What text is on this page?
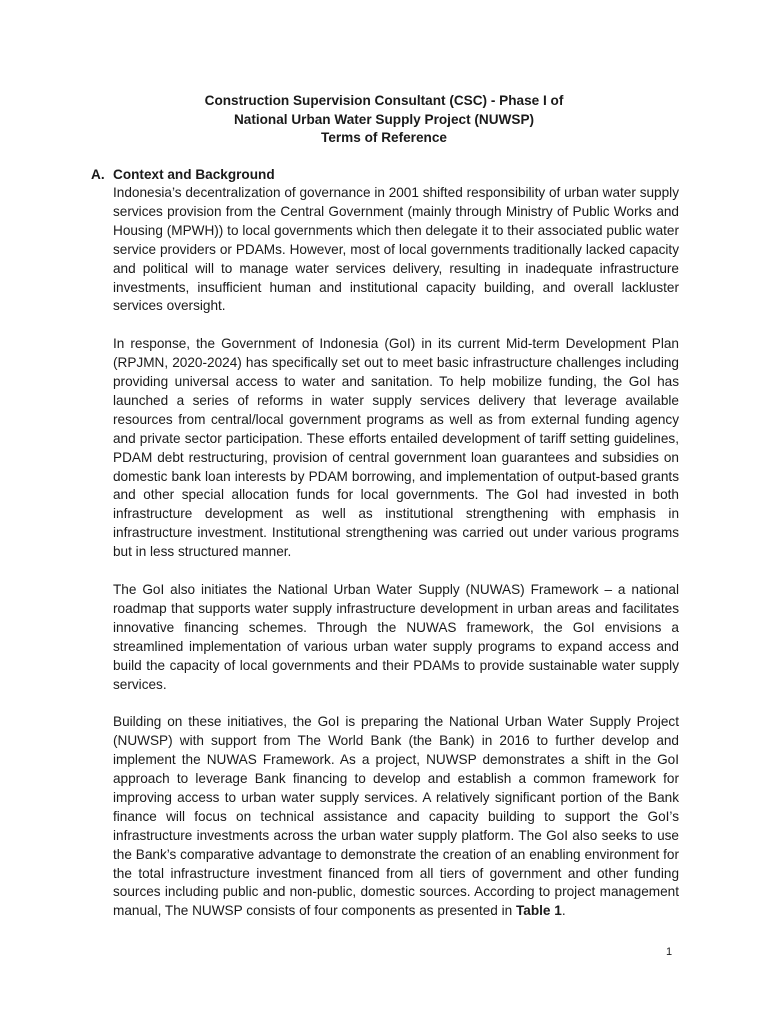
Construction Supervision Consultant (CSC) - Phase I of
National Urban Water Supply Project (NUWSP)
Terms of Reference
A. Context and Background

Indonesia’s decentralization of governance in 2001 shifted responsibility of urban water supply services provision from the Central Government (mainly through Ministry of Public Works and Housing (MPWH)) to local governments which then delegate it to their associated public water service providers or PDAMs. However, most of local governments traditionally lacked capacity and political will to manage water services delivery, resulting in inadequate infrastructure investments, insufficient human and institutional capacity building, and overall lackluster services oversight.

In response, the Government of Indonesia (GoI) in its current Mid-term Development Plan (RPJMN, 2020-2024) has specifically set out to meet basic infrastructure challenges including providing universal access to water and sanitation. To help mobilize funding, the GoI has launched a series of reforms in water supply services delivery that leverage available resources from central/local government programs as well as from external funding agency and private sector participation. These efforts entailed development of tariff setting guidelines, PDAM debt restructuring, provision of central government loan guarantees and subsidies on domestic bank loan interests by PDAM borrowing, and implementation of output-based grants and other special allocation funds for local governments. The GoI had invested in both infrastructure development as well as institutional strengthening with emphasis in infrastructure investment. Institutional strengthening was carried out under various programs but in less structured manner.

The GoI also initiates the National Urban Water Supply (NUWAS) Framework – a national roadmap that supports water supply infrastructure development in urban areas and facilitates innovative financing schemes. Through the NUWAS framework, the GoI envisions a streamlined implementation of various urban water supply programs to expand access and build the capacity of local governments and their PDAMs to provide sustainable water supply services.

Building on these initiatives, the GoI is preparing the National Urban Water Supply Project (NUWSP) with support from The World Bank (the Bank) in 2016 to further develop and implement the NUWAS Framework. As a project, NUWSP demonstrates a shift in the GoI approach to leverage Bank financing to develop and establish a common framework for improving access to urban water supply services. A relatively significant portion of the Bank finance will focus on technical assistance and capacity building to support the GoI’s infrastructure investments across the urban water supply platform. The GoI also seeks to use the Bank’s comparative advantage to demonstrate the creation of an enabling environment for the total infrastructure investment financed from all tiers of government and other funding sources including public and non-public, domestic sources. According to project management manual, The NUWSP consists of four components as presented in Table 1.

1
